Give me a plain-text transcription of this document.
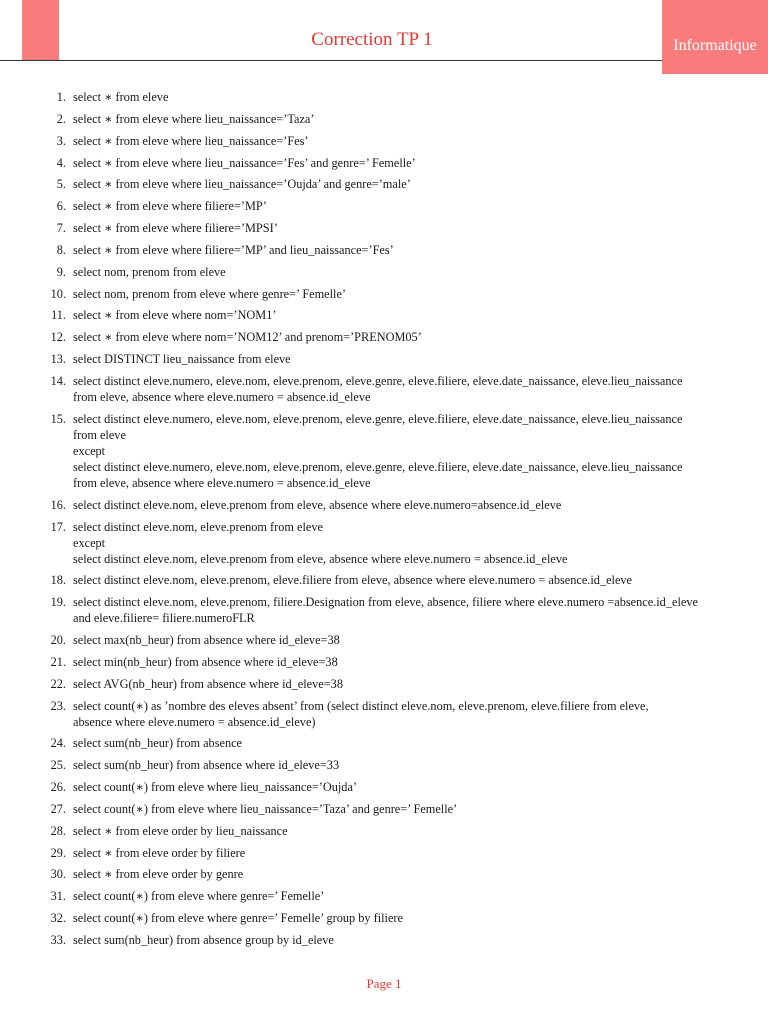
Informatique
Correction TP 1
1. select ∗ from eleve
2. select ∗ from eleve where lieu_naissance=’Taza’
3. select ∗ from eleve where lieu_naissance=’Fes’
4. select ∗ from eleve where lieu_naissance=’Fes’ and genre=’ Femelle’
5. select ∗ from eleve where lieu_naissance=’Oujda’ and genre=’male’
6. select ∗ from eleve where filiere=’MP’
7. select ∗ from eleve where filiere=’MPSI’
8. select ∗ from eleve where filiere=’MP’ and lieu_naissance=’Fes’
9. select nom, prenom from eleve
10. select nom, prenom from eleve where genre=’ Femelle’
11. select ∗ from eleve where nom=’NOM1’
12. select ∗ from eleve where nom=’NOM12’ and prenom=’PRENOM05’
13. select DISTINCT lieu_naissance from eleve
14. select distinct eleve.numero, eleve.nom, eleve.prenom, eleve.genre, eleve.filiere, eleve.date_naissance, eleve.lieu_naissance
from eleve, absence where eleve.numero = absence.id_eleve
15. select distinct eleve.numero, eleve.nom, eleve.prenom, eleve.genre, eleve.filiere, eleve.date_naissance, eleve.lieu_naissance
from eleve
except
select distinct eleve.numero, eleve.nom, eleve.prenom, eleve.genre, eleve.filiere, eleve.date_naissance, eleve.lieu_naissance
from eleve, absence where eleve.numero = absence.id_eleve
16. select distinct eleve.nom, eleve.prenom from eleve, absence where eleve.numero=absence.id_eleve
17. select distinct eleve.nom, eleve.prenom from eleve
except
select distinct eleve.nom, eleve.prenom from eleve, absence where eleve.numero = absence.id_eleve
18. select distinct eleve.nom, eleve.prenom, eleve.filiere from eleve, absence where eleve.numero = absence.id_eleve
19. select distinct eleve.nom, eleve.prenom, filiere.Designation from eleve, absence, filiere where eleve.numero =absence.id_eleve
and eleve.filiere= filiere.numeroFLR
20. select max(nb_heur) from absence where id_eleve=38
21. select min(nb_heur) from absence where id_eleve=38
22. select AVG(nb_heur) from absence where id_eleve=38
23. select count(∗) as ’nombre des eleves absent’ from (select distinct eleve.nom, eleve.prenom, eleve.filiere from eleve,
absence where eleve.numero = absence.id_eleve)
24. select sum(nb_heur) from absence
25. select sum(nb_heur) from absence where id_eleve=33
26. select count(∗) from eleve where lieu_naissance=’Oujda’
27. select count(∗) from eleve where lieu_naissance=’Taza’ and genre=’ Femelle’
28. select ∗ from eleve order by lieu_naissance
29. select ∗ from eleve order by filiere
30. select ∗ from eleve order by genre
31. select count(∗) from eleve where genre=’ Femelle’
32. select count(∗) from eleve where genre=’ Femelle’ group by filiere
33. select sum(nb_heur) from absence group by id_eleve
Page 1
